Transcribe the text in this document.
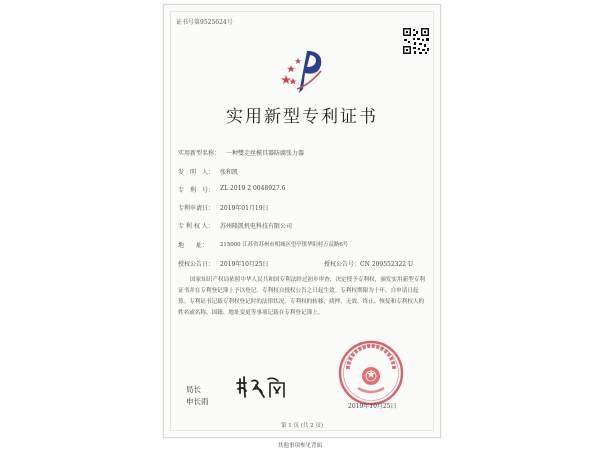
证书号第9525624号
实用新型专利证书
实用新型名称： 一种雙走丝模具器防腐张力器
发　明　人： 张和凯
专　利　号： ZL 2019 2 0048927.6
专利申请日： 2019年01月19日
专 利 权 人： 苏州隆凯机电科技有限公司
地　　址： 215000 江苏省苏州市相城区望亭镇华阳村万益路6号
授权公告日： 2019年10月25日	授权公告号：CN 209552322 U

国家知识产权局依照中华人民共和国专利法经过初步审查，决定授予专利权，颁发实用新型专利证书并在专利登记簿上予以登记。专利权自授权公告之日起生效。专利权期限为十年，自申请日起算。专利证书记载专利权登记时的法律状况。专利权的转移、质押、无效、终止、恢复和专利权人的姓名或名称、国籍、地址变更等事项记载在专利登记簿上。

2019年10月25日
局长
申长雨
第 1 页 (共 2 页)
其他事项参见背面
